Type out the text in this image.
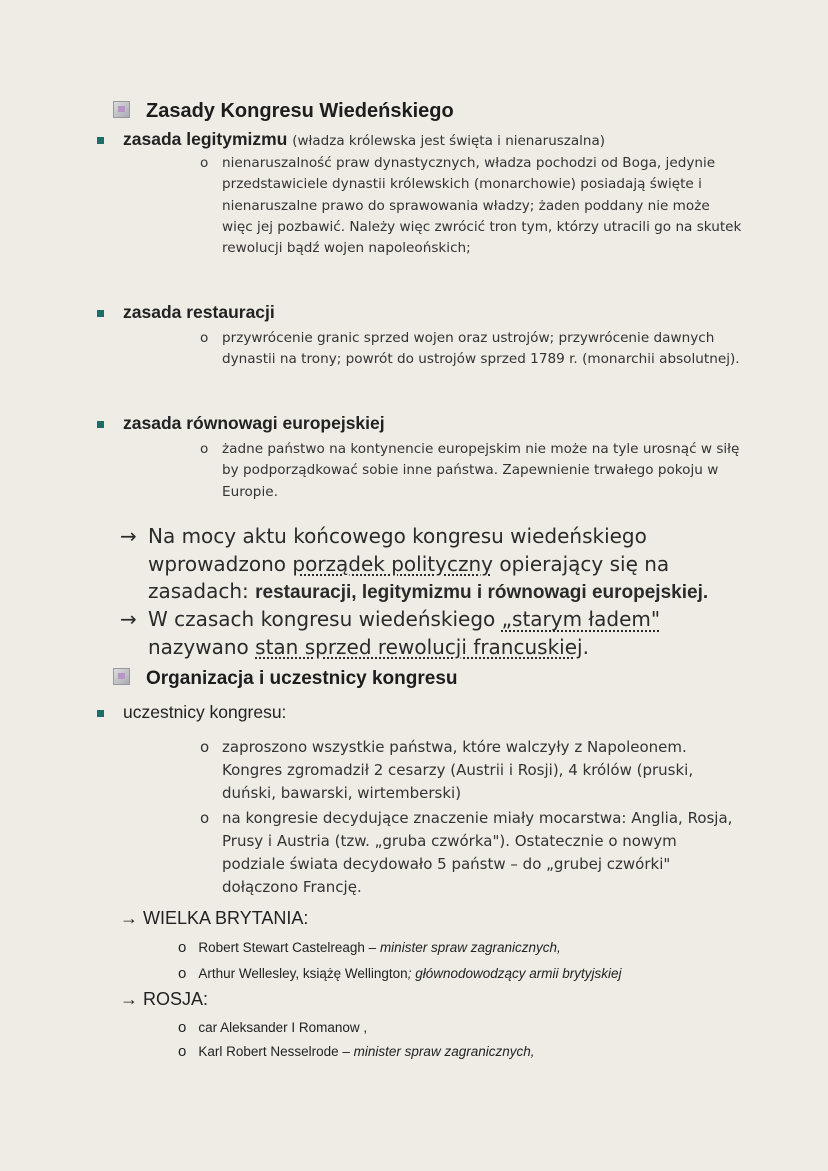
Zasady Kongresu Wiedeńskiego
zasada legitymizmu (władza królewska jest święta i nienaruszalna)
o nienaruszalność praw dynastycznych, władza pochodzi od Boga, jedynie przedstawiciele dynastii królewskich (monarchowie) posiadają święte i nienaruszalne prawo do sprawowania władzy; żaden poddany nie może więc jej pozbawić. Należy więc zwrócić tron tym, którzy utracili go na skutek rewolucji bądź wojen napoleońskich;
zasada restauracji
o przywrócenie granic sprzed wojen oraz ustrojów; przywrócenie dawnych dynastii na trony; powrót do ustrojów sprzed 1789 r. (monarchii absolutnej).
zasada równowagi europejskiej
o żadne państwo na kontynencie europejskim nie może na tyle urosnąć w siłę by podporządkować sobie inne państwa. Zapewnienie trwałego pokoju w Europie.
→ Na mocy aktu końcowego kongresu wiedeńskiego wprowadzono porządek polityczny opierający się na zasadach: restauracji, legitymizmu i równowagi europejskiej.
→ W czasach kongresu wiedeńskiego „starym ładem" nazywano stan sprzed rewolucji francuskiej.
Organizacja i uczestnicy kongresu
uczestnicy kongresu:
o zaproszono wszystkie państwa, które walczyły z Napoleonem. Kongres zgromadził 2 cesarzy (Austrii i Rosji), 4 królów (pruski, duński, bawarski, wirtemberski)
o na kongresie decydujące znaczenie miały mocarstwa: Anglia, Rosja, Prusy i Austria (tzw. „gruba czwórka"). Ostatecznie o nowym podziale świata decydowało 5 państw – do „grubej czwórki" dołączono Francję.
→ WIELKA BRYTANIA:
o Robert Stewart Castelreagh – minister spraw zagranicznych,
o Arthur Wellesley, książę Wellington; głównodowodzący armii brytyjskiej
→ ROSJA:
o car Aleksander I Romanow ,
o Karl Robert Nesselrode – minister spraw zagranicznych,
